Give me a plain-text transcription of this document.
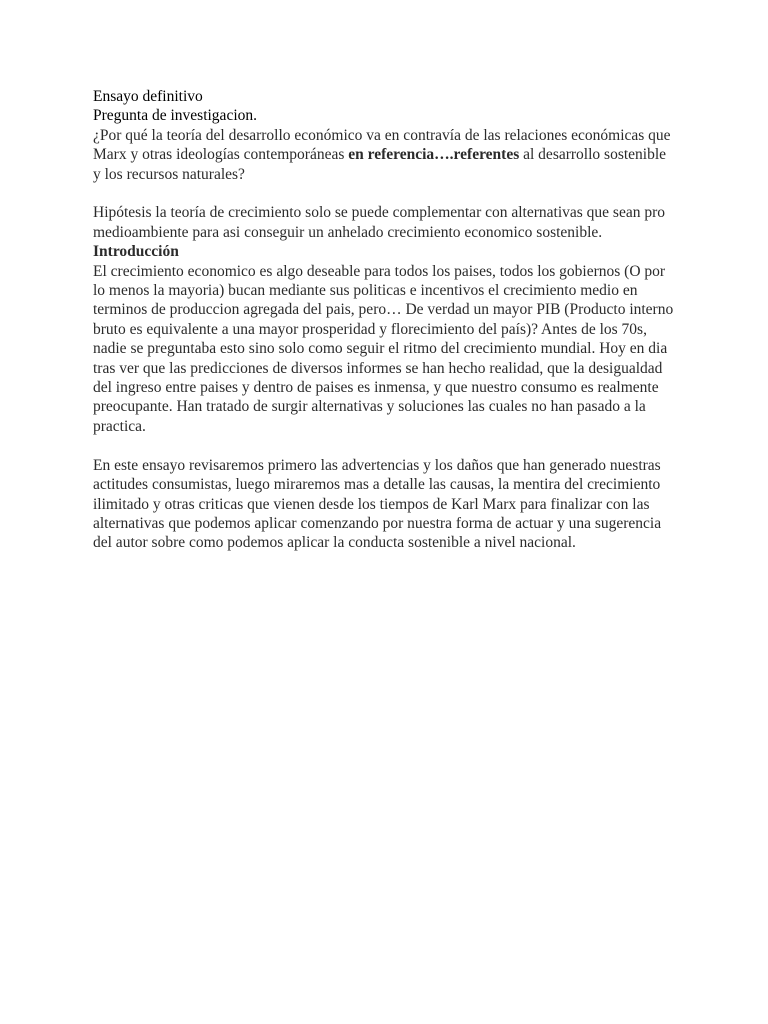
Ensayo definitivo
Pregunta de investigacion.
¿Por qué la teoría del desarrollo económico va en contravía de las relaciones económicas que
Marx y otras ideologías contemporáneas en referencia….referentes al desarrollo sostenible
y los recursos naturales?
Hipótesis la teoría de crecimiento solo se puede complementar con alternativas que sean pro
medioambiente para asi conseguir un anhelado crecimiento economico sostenible.
Introducción
El crecimiento economico es algo deseable para todos los paises, todos los gobiernos (O por
lo menos la mayoria) bucan mediante sus politicas e incentivos el crecimiento medio en
terminos de produccion agregada del pais, pero… De verdad un mayor PIB (Producto interno
bruto es equivalente a una mayor prosperidad y florecimiento del país)? Antes de los 70s,
nadie se preguntaba esto sino solo como seguir el ritmo del crecimiento mundial. Hoy en dia
tras ver que las predicciones de diversos informes se han hecho realidad, que la desigualdad
del ingreso entre paises y dentro de paises es inmensa, y que nuestro consumo es realmente
preocupante. Han tratado de surgir alternativas y soluciones las cuales no han pasado a la
practica.
En este ensayo revisaremos primero las advertencias y los daños que han generado nuestras
actitudes consumistas, luego miraremos mas a detalle las causas, la mentira del crecimiento
ilimitado y otras criticas que vienen desde los tiempos de Karl Marx para finalizar con las
alternativas que podemos aplicar comenzando por nuestra forma de actuar y una sugerencia
del autor sobre como podemos aplicar la conducta sostenible a nivel nacional.
